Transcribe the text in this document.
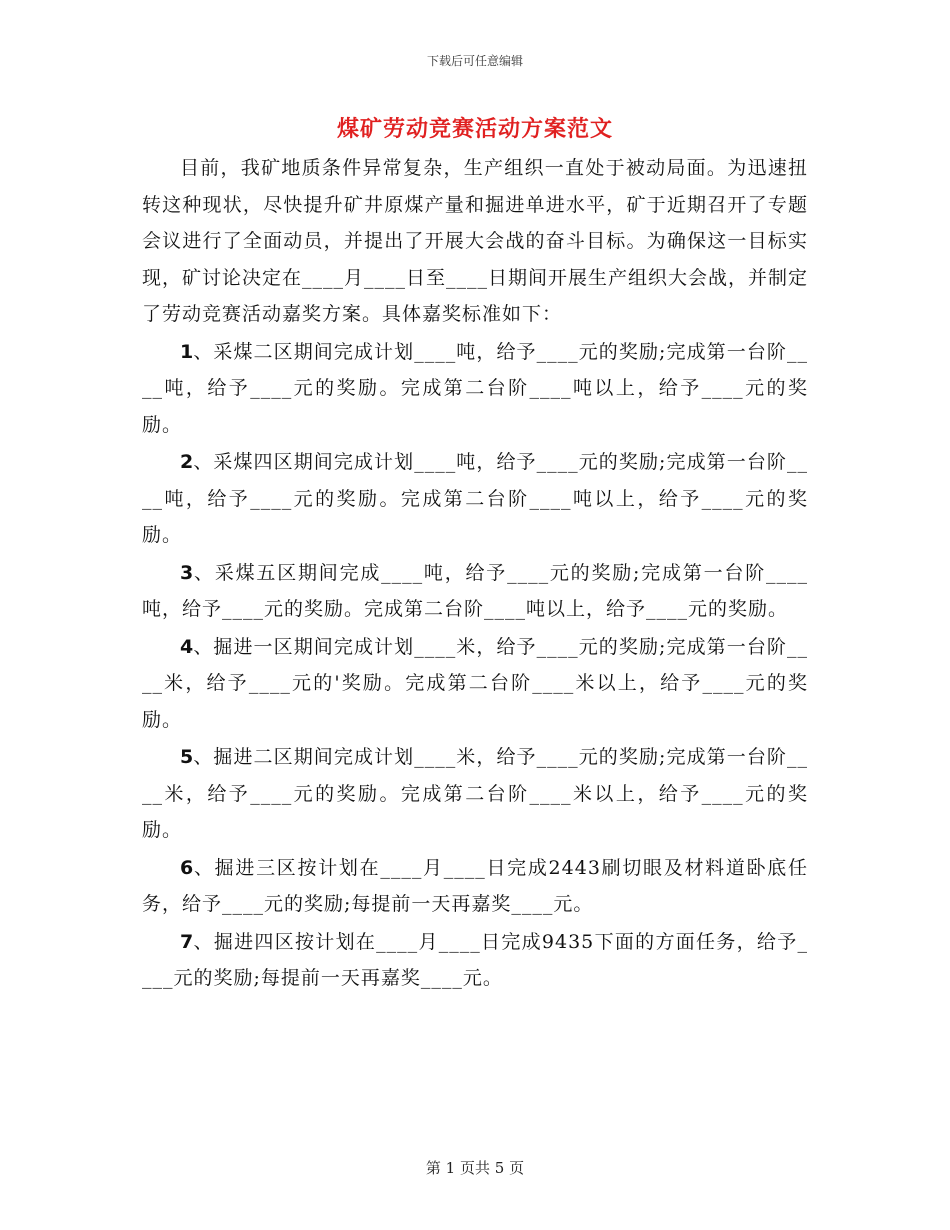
下载后可任意编辑
煤矿劳动竞赛活动方案范文

目前，我矿地质条件异常复杂，生产组织一直处于被动局面。为迅速扭转这种现状，尽快提升矿井原煤产量和掘进单进水平，矿于近期召开了专题会议进行了全面动员，并提出了开展大会战的奋斗目标。为确保这一目标实现，矿讨论决定在____月____日至____日期间开展生产组织大会战，并制定了劳动竞赛活动嘉奖方案。具体嘉奖标准如下：

1、采煤二区期间完成计划____吨，给予____元的奖励;完成第一台阶____吨，给予____元的奖励。完成第二台阶____吨以上，给予____元的奖励。

2、采煤四区期间完成计划____吨，给予____元的奖励;完成第一台阶____吨，给予____元的奖励。完成第二台阶____吨以上，给予____元的奖励。

3、采煤五区期间完成____吨，给予____元的奖励;完成第一台阶____吨，给予____元的奖励。完成第二台阶____吨以上，给予____元的奖励。

4、掘进一区期间完成计划____米，给予____元的奖励;完成第一台阶____米，给予____元的'奖励。完成第二台阶____米以上，给予____元的奖励。

5、掘进二区期间完成计划____米，给予____元的奖励;完成第一台阶____米，给予____元的奖励。完成第二台阶____米以上，给予____元的奖励。

6、掘进三区按计划在____月____日完成2443刷切眼及材料道卧底任务，给予____元的奖励;每提前一天再嘉奖____元。

7、掘进四区按计划在____月____日完成9435下面的方面任务，给予____元的奖励;每提前一天再嘉奖____元。

第 1 页共 5 页
